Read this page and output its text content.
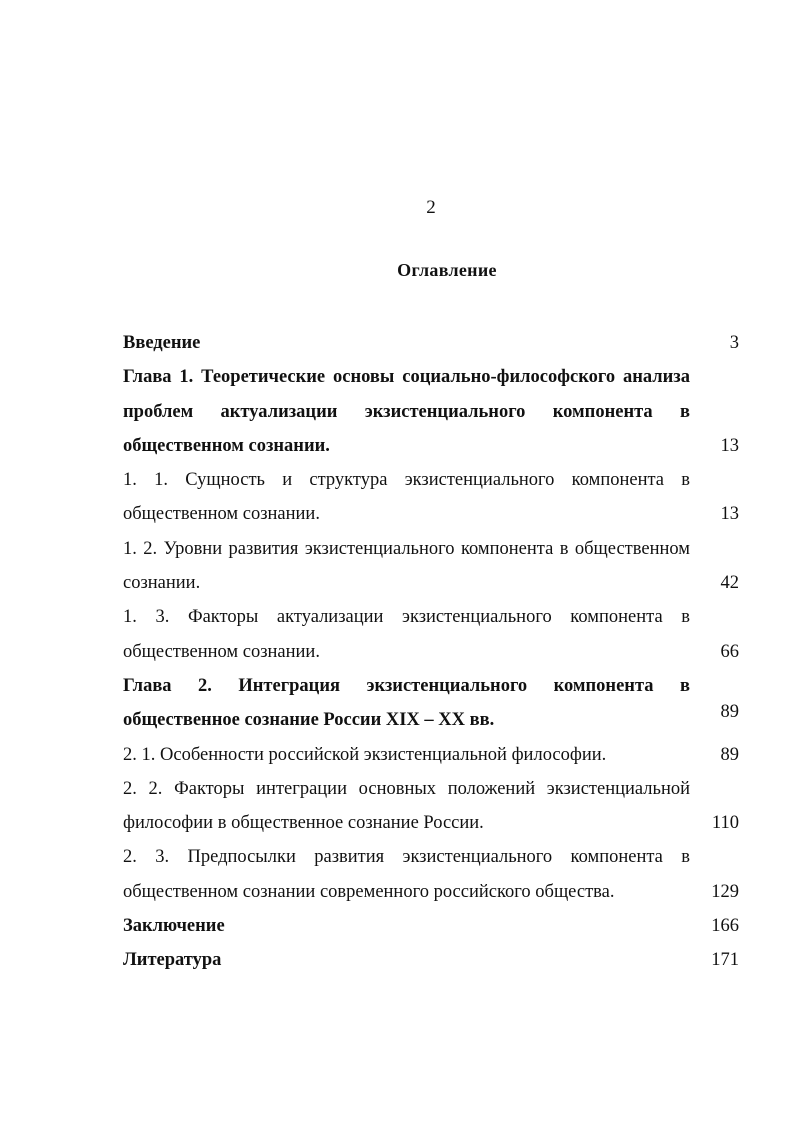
2
Оглавление
Введение	3
Глава 1. Теоретические основы социально-философского анализа проблем актуализации экзистенциального компонента в общественном сознании.	13
1. 1. Сущность и структура экзистенциального компонента в общественном сознании.	13
1. 2. Уровни развития экзистенциального компонента в общественном сознании.	42
1. 3. Факторы актуализации экзистенциального компонента в общественном сознании.	66
Глава 2. Интеграция экзистенциального компонента в общественное сознание России XIX – XX вв.	89
2. 1. Особенности российской экзистенциальной философии.	89
2. 2. Факторы интеграции основных положений экзистенциальной философии в общественное сознание России.	110
2. 3. Предпосылки развития экзистенциального компонента в общественном сознании современного российского общества.	129
Заключение	166
Литература	171
